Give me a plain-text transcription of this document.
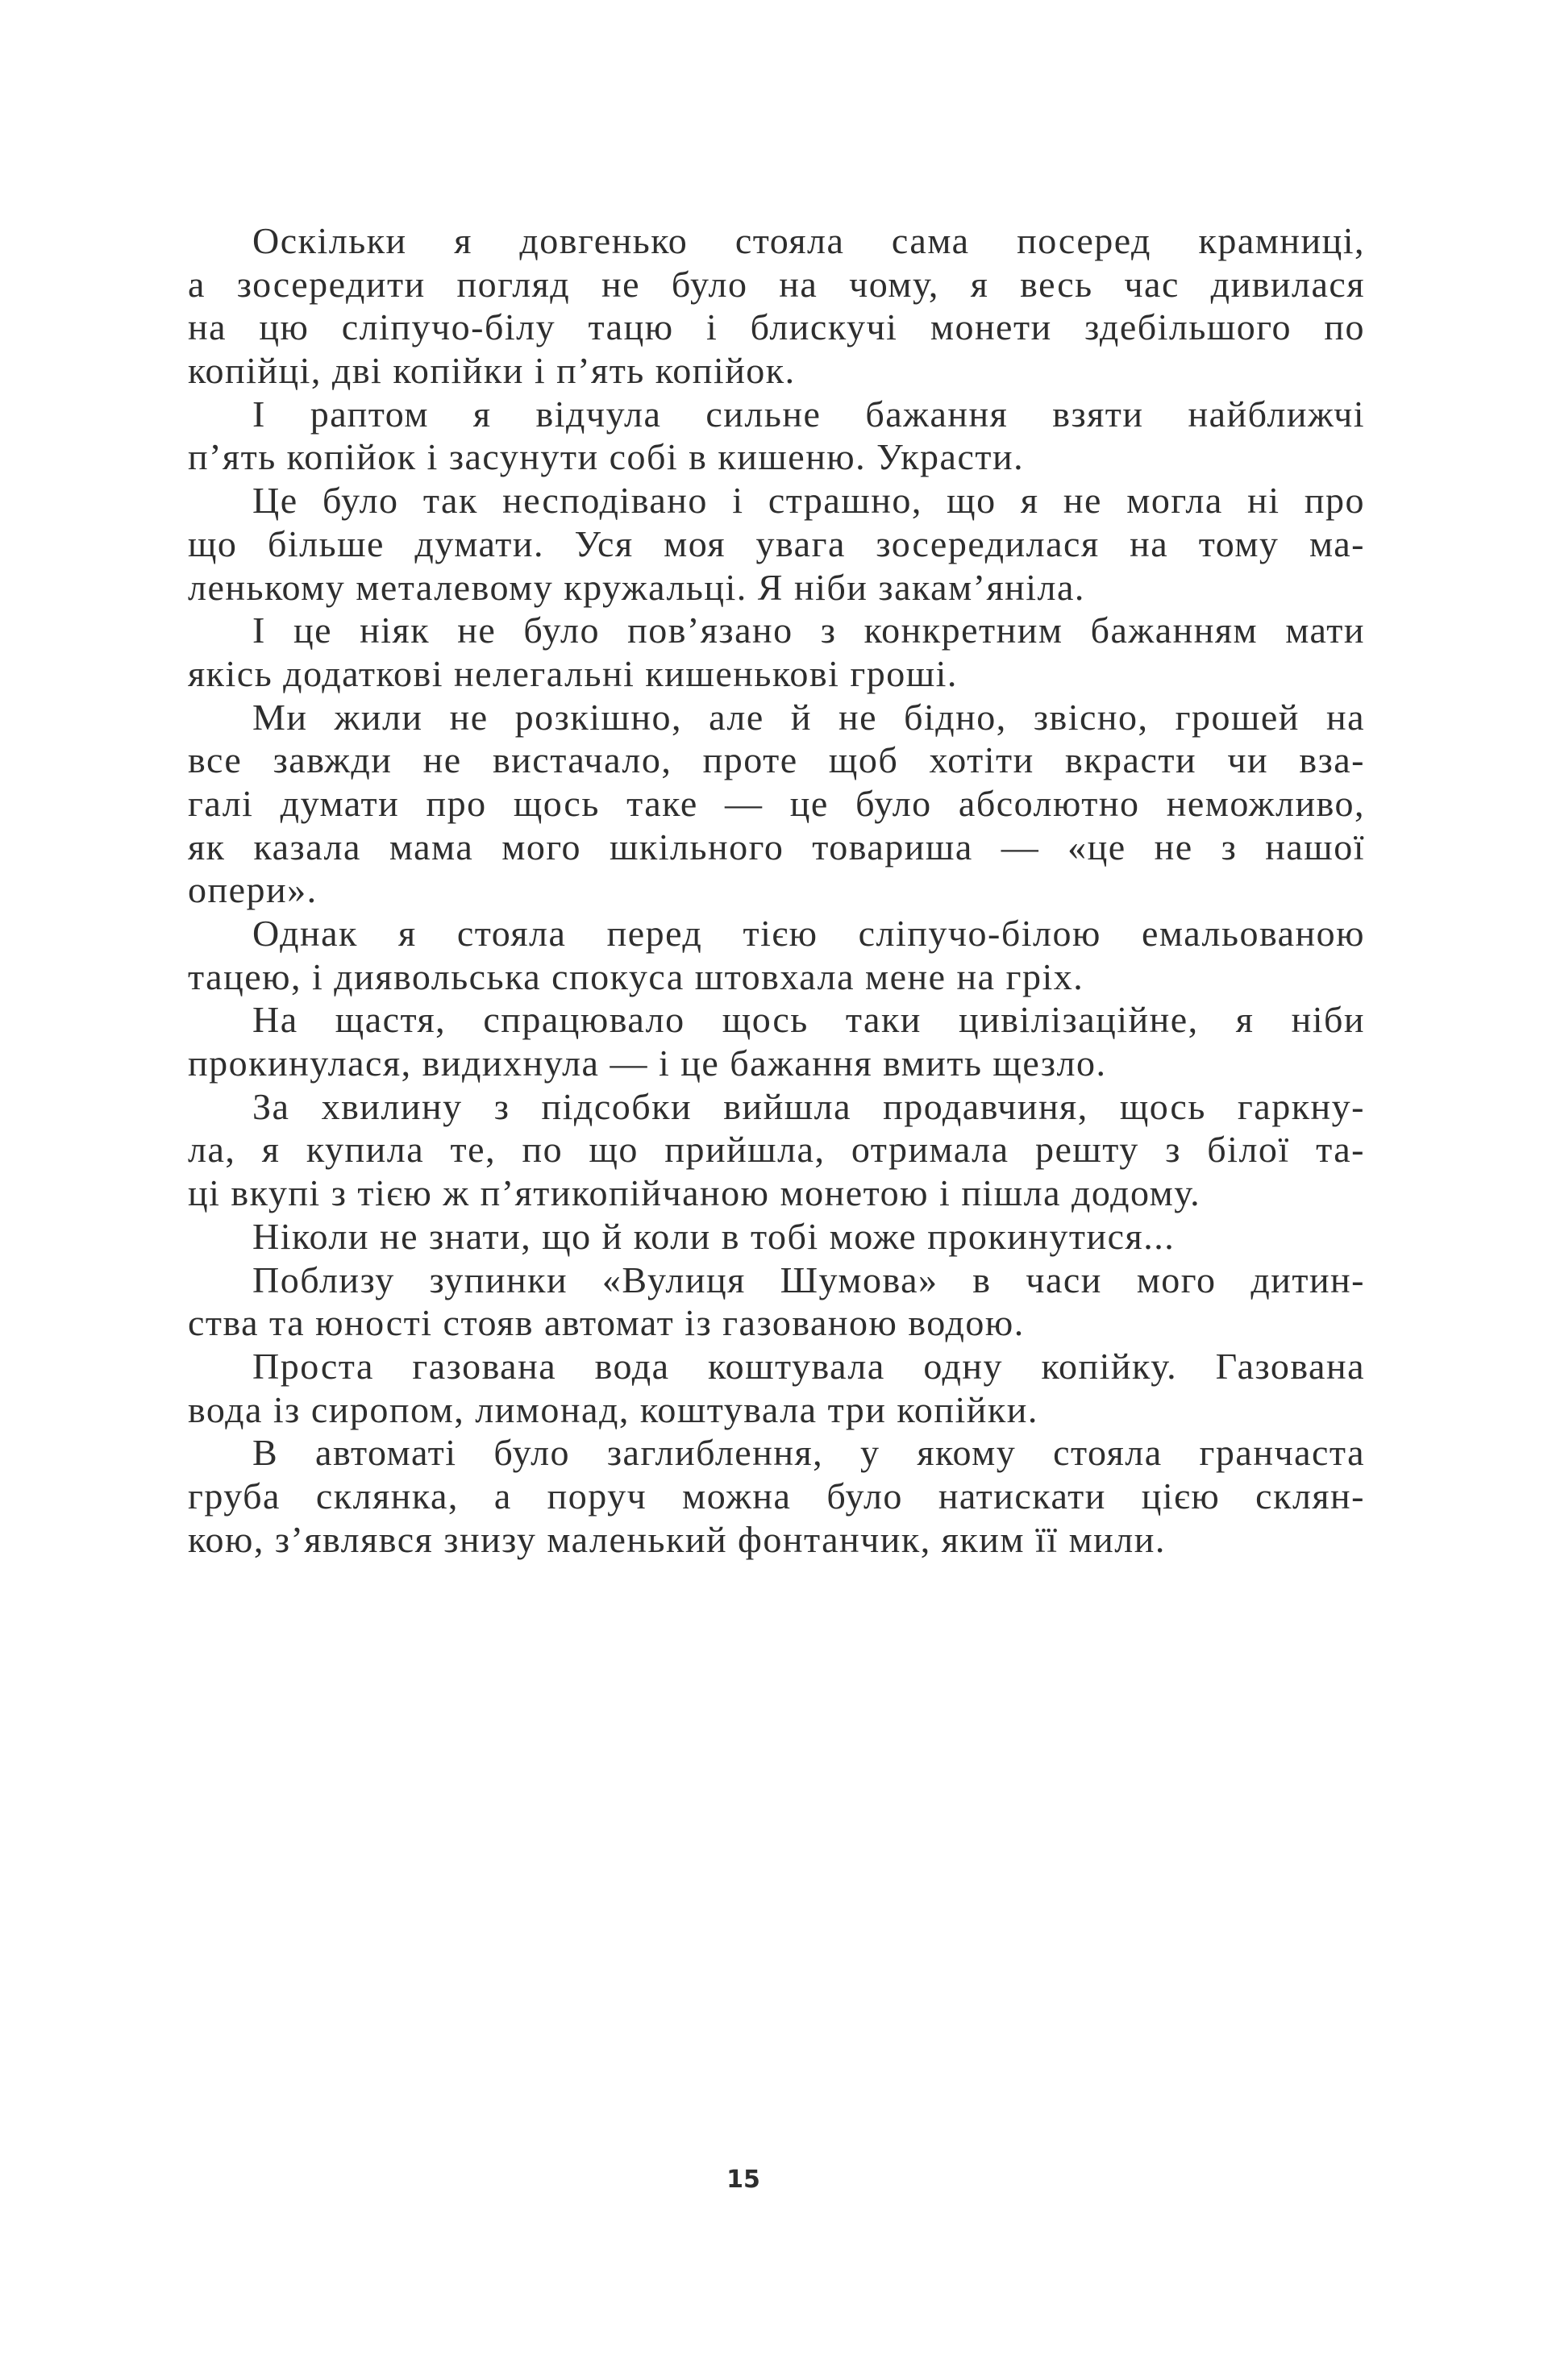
Оскільки я довгенько стояла сама посеред крамниці,
а зосередити погляд не було на чому, я весь час дивилася
на цю сліпучо-білу тацю і блискучі монети здебільшого по
копійці, дві копійки і п’ять копійок.
І раптом я відчула сильне бажання взяти найближчі
п’ять копійок і засунути собі в кишеню. Украсти.
Це було так несподівано і страшно, що я не могла ні про
що більше думати. Уся моя увага зосередилася на тому ма-
ленькому металевому кружальці. Я ніби закам’яніла.
І це ніяк не було пов’язано з конкретним бажанням мати
якісь додаткові нелегальні кишенькові гроші.
Ми жили не розкішно, але й не бідно, звісно, грошей на
все завжди не вистачало, проте щоб хотіти вкрасти чи вза-
галі думати про щось таке — це було абсолютно неможливо,
як казала мама мого шкільного товариша — «це не з нашої
опери».
Однак я стояла перед тією сліпучо-білою емальованою
тацею, і диявольська спокуса штовхала мене на гріх.
На щастя, спрацювало щось таки цивілізаційне, я ніби
прокинулася, видихнула — і це бажання вмить щезло.
За хвилину з підсобки вийшла продавчиня, щось гаркну-
ла, я купила те, по що прийшла, отримала решту з білої та-
ці вкупі з тією ж п’ятикопійчаною монетою і пішла додому.
Ніколи не знати, що й коли в тобі може прокинутися...
Поблизу зупинки «Вулиця Шумова» в часи мого дитин-
ства та юності стояв автомат із газованою водою.
Проста газована вода коштувала одну копійку. Газована
вода із сиропом, лимонад, коштувала три копійки.
В автоматі було заглиблення, у якому стояла гранчаста
груба склянка, а поруч можна було натискати цією склян-
кою, з’являвся знизу маленький фонтанчик, яким її мили.
15
